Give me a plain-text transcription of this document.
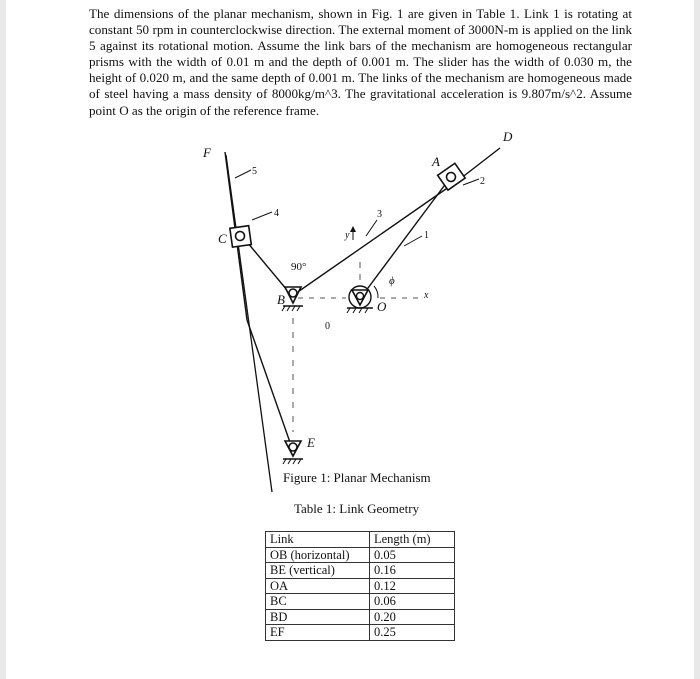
The dimensions of the planar mechanism, shown in Fig. 1 are given in Table 1. Link 1 is rotating at constant 50 rpm in counterclockwise direction. The external moment of 3000N-m is applied on the link 5 against its rotational motion. Assume the link bars of the mechanism are homogeneous rectangular prisms with the width of 0.01 m and the depth of 0.001 m. The slider has the width of 0.030 m, the height of 0.020 m, and the same depth of 0.001 m. The links of the mechanism are homogeneous made of steel having a mass density of 8000kg/m^3. The gravitational acceleration is 9.807m/s^2. Assume point O as the origin of the reference frame.

F
D
A
C
B
E
O
5
4	3
2
1
0
90°
ϕ
x
y
Figure 1: Planar Mechanism
Table 1: Link Geometry
Link	Length (m)
OB (horizontal)	0.05
BE (vertical)	0.16
OA	0.12
BC	0.06
BD	0.20
EF	0.25
